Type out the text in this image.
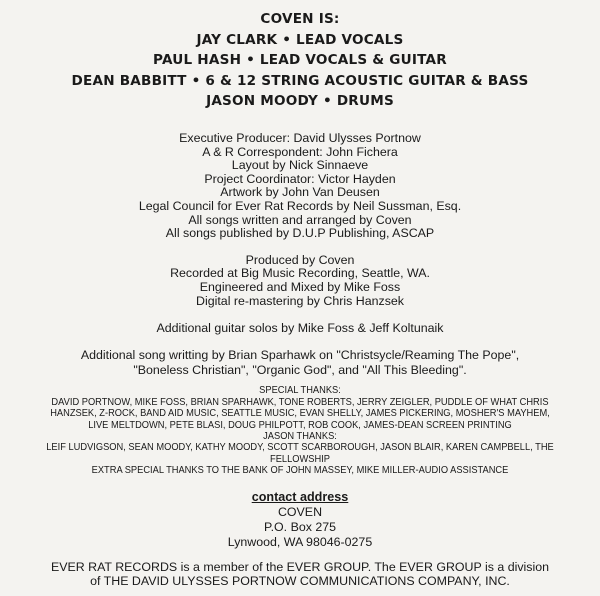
COVEN IS:
JAY CLARK • LEAD VOCALS
PAUL HASH • LEAD VOCALS & GUITAR
DEAN BABBITT • 6 & 12 STRING ACOUSTIC GUITAR & BASS
JASON MOODY • DRUMS
Executive Producer: David Ulysses Portnow
A & R Correspondent: John Fichera
Layout by Nick Sinnaeve
Project Coordinator: Victor Hayden
Artwork by John Van Deusen
Legal Council for Ever Rat Records by Neil Sussman, Esq.
All songs written and arranged by Coven
All songs published by D.U.P Publishing, ASCAP
Produced by Coven
Recorded at Big Music Recording, Seattle, WA.
Engineered and Mixed by Mike Foss
Digital re-mastering by Chris Hanzsek
Additional guitar solos by Mike Foss & Jeff Koltunaik
Additional song writting by Brian Sparhawk on "Christsycle/Reaming The Pope",
"Boneless Christian", "Organic God", and "All This Bleeding".
SPECIAL THANKS:
DAVID PORTNOW, MIKE FOSS, BRIAN SPARHAWK, TONE ROBERTS, JERRY ZEIGLER, PUDDLE OF WHAT CHRIS
HANZSEK, Z-ROCK, BAND AID MUSIC, SEATTLE MUSIC, EVAN SHELLY, JAMES PICKERING, MOSHER'S MAYHEM,
LIVE MELTDOWN, PETE BLASI, DOUG PHILPOTT, ROB COOK, JAMES-DEAN SCREEN PRINTING
JASON THANKS:
LEIF LUDVIGSON, SEAN MOODY, KATHY MOODY, SCOTT SCARBOROUGH, JASON BLAIR, KAREN CAMPBELL, THE
FELLOWSHIP
EXTRA SPECIAL THANKS TO THE BANK OF JOHN MASSEY, MIKE MILLER-AUDIO ASSISTANCE
contact address
COVEN
P.O. Box 275
Lynwood, WA 98046-0275
EVER RAT RECORDS is a member of the EVER GROUP. The EVER GROUP is a division
of THE DAVID ULYSSES PORTNOW COMMUNICATIONS COMPANY, INC.
